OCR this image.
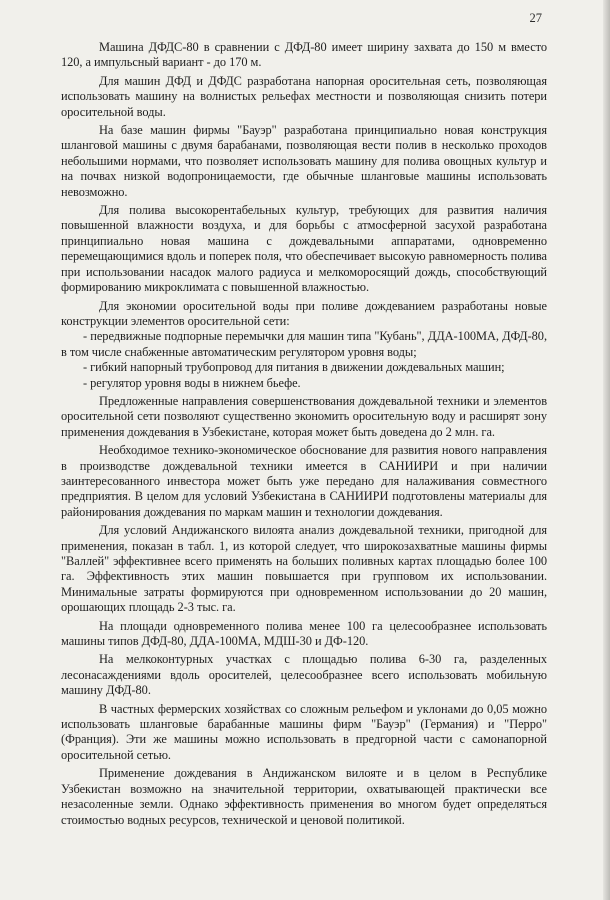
27

Машина ДФДС-80 в сравнении с ДФД-80 имеет ширину захвата до 150 м вместо 120, а импульсный вариант - до 170 м.

Для машин ДФД и ДФДС разработана напорная оросительная сеть, позволяющая использовать машину на волнистых рельефах местности и позволяющая снизить потери оросительной воды.

На базе машин фирмы "Бауэр" разработана принципиально новая конструкция шланговой машины с двумя барабанами, позволяющая вести полив в несколько проходов небольшими нормами, что позволяет использовать машину для полива овощных культур и на почвах низкой водопроницаемости, где обычные шланговые машины использовать невозможно.

Для полива высокорентабельных культур, требующих для развития наличия повышенной влажности воздуха, и для борьбы с атмосферной засухой разработана принципиально новая машина с дождевальными аппаратами, одновременно перемещающимися вдоль и поперек поля, что обеспечивает высокую равномерность полива при использовании насадок малого радиуса и мелкоморосящий дождь, способствующий формированию микроклимата с повышенной влажностью.

Для экономии оросительной воды при поливе дождеванием разработаны новые конструкции элементов оросительной сети:

- передвижные подпорные перемычки для машин типа "Кубань", ДДА-100МА, ДФД-80, в том числе снабженные автоматическим регулятором уровня воды;

- гибкий напорный трубопровод для питания в движении дождевальных машин;

- регулятор уровня воды в нижнем бьефе.

Предложенные направления совершенствования дождевальной техники и элементов оросительной сети позволяют существенно экономить оросительную воду и расширят зону применения дождевания в Узбекистане, которая может быть доведена до 2 млн. га.

Необходимое технико-экономическое обоснование для развития нового направления в производстве дождевальной техники имеется в САНИИРИ и при наличии заинтересованного инвестора может быть уже передано для налаживания совместного предприятия. В целом для условий Узбекистана в САНИИРИ подготовлены материалы для районирования дождевания по маркам машин и технологии дождевания.

Для условий Андижанского вилоята анализ дождевальной техники, пригодной для применения, показан в табл. 1, из которой следует, что широкозахватные машины фирмы "Валлей" эффективнее всего применять на больших поливных картах площадью более 100 га. Эффективность этих машин повышается при групповом их использовании. Минимальные затраты формируются при одновременном использовании до 20 машин, орошающих площадь 2-3 тыс. га.

На площади одновременного полива менее 100 га целесообразнее использовать машины типов ДФД-80, ДДА-100МА, МДШ-30 и ДФ-120.

На мелкоконтурных участках с площадью полива 6-30 га, разделенных лесонасаждениями вдоль оросителей, целесообразнее всего использовать мобильную машину ДФД-80.

В частных фермерских хозяйствах со сложным рельефом и уклонами до 0,05 можно использовать шланговые барабанные машины фирм "Бауэр" (Германия) и "Перро" (Франция). Эти же машины можно использовать в предгорной части с самонапорной оросительной сетью.

Применение дождевания в Андижанском вилояте и в целом в Республике Узбекистан возможно на значительной территории, охватывающей практически все незасоленные земли. Однако эффективность применения во многом будет определяться стоимостью водных ресурсов, технической и ценовой политикой.
